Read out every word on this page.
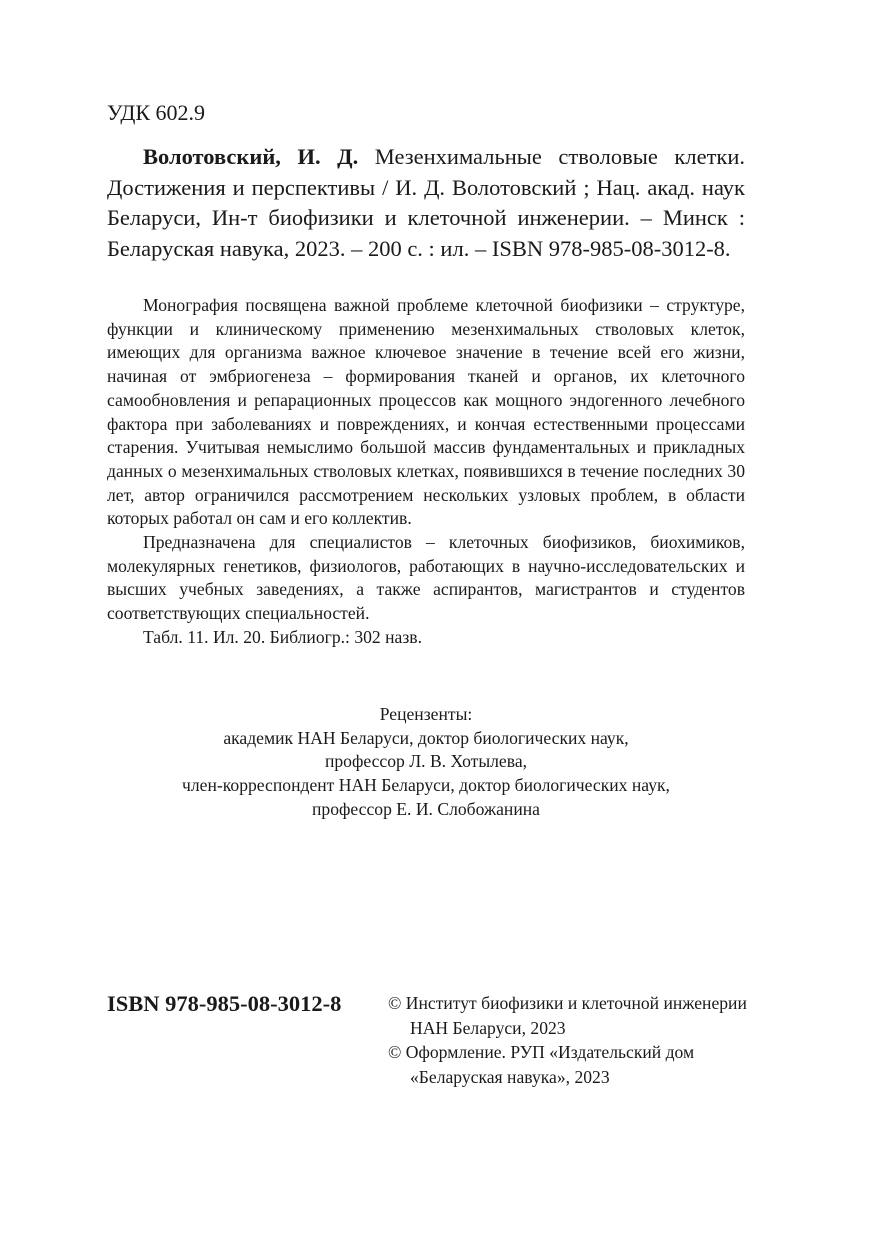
УДК 602.9
Волотовский, И. Д. Мезенхимальные стволовые клетки. Достижения и перспективы / И. Д. Волотовский ; Нац. акад. наук Беларуси, Ин-т биофизики и клеточной инженерии. – Минск : Беларуская навука, 2023. – 200 с. : ил. – ISBN 978-985-08-3012-8.

Монография посвящена важной проблеме клеточной биофизики – структуре, функции и клиническому применению мезенхимальных стволовых клеток, имеющих для организма важное ключевое значение в течение всей его жизни, начиная от эмбриогенеза – формирования тканей и органов, их клеточного самообновления и репарационных процессов как мощного эндогенного лечебного фактора при заболеваниях и повреждениях, и кончая естественными процессами старения. Учитывая немыслимо большой массив фундаментальных и прикладных данных о мезенхимальных стволовых клетках, появившихся в течение последних 30 лет, автор ограничился рассмотрением нескольких узловых проблем, в области которых работал он сам и его коллектив.

Предназначена для специалистов – клеточных биофизиков, биохимиков, молекулярных генетиков, физиологов, работающих в научно-исследовательских и высших учебных заведениях, а также аспирантов, магистрантов и студентов соответствующих специальностей.

Табл. 11. Ил. 20. Библиогр.: 302 назв.

Рецензенты:
академик НАН Беларуси, доктор биологических наук,
профессор Л. В. Хотылева,
член-корреспондент НАН Беларуси, доктор биологических наук,
профессор Е. И. Слобожанина
ISBN 978-985-08-3012-8	© Институт биофизики и клеточной инженерии НАН Беларуси, 2023
© Оформление. РУП «Издательский дом «Беларуская навука», 2023
